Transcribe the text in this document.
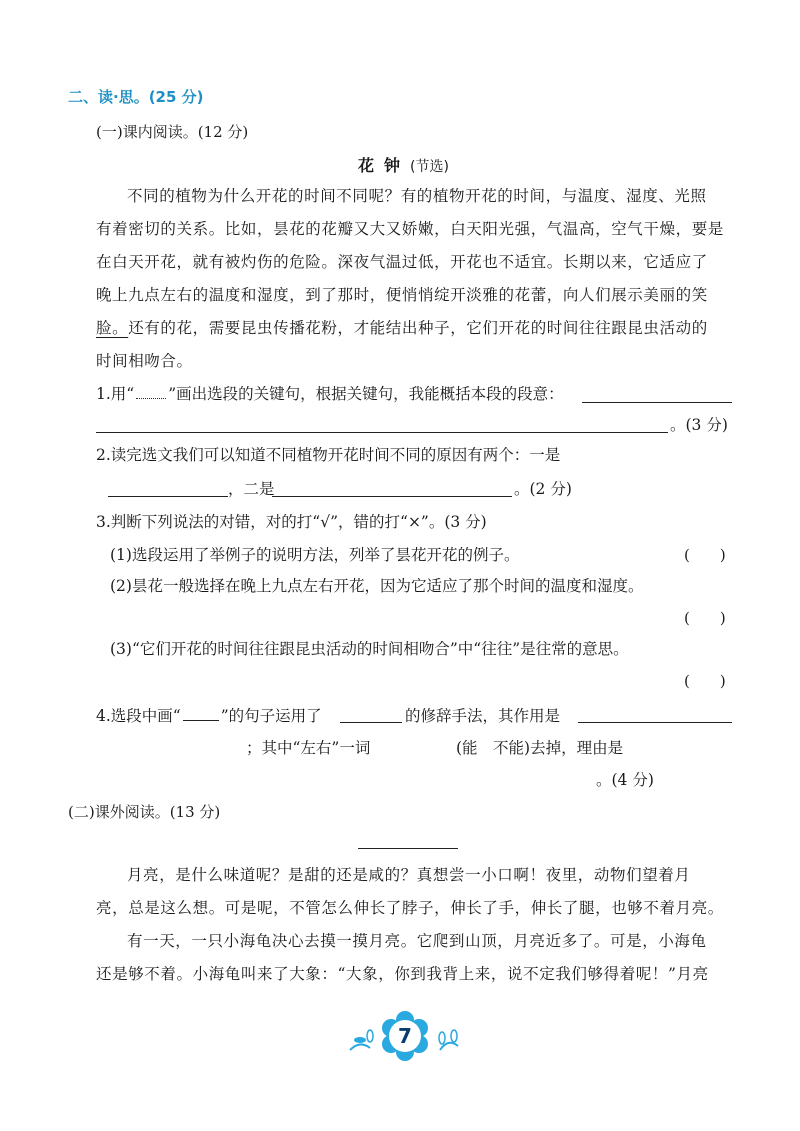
二、读·思。(25 分)
(一)课内阅读。(12 分)
花钟(节选)
不同的植物为什么开花的时间不同呢？有的植物开花的时间，与温度、湿度、光照
有着密切的关系。比如，昙花的花瓣又大又娇嫩，白天阳光强，气温高，空气干燥，要是
在白天开花，就有被灼伤的危险。深夜气温过低，开花也不适宜。长期以来，它适应了
晚上九点左右的温度和湿度，到了那时，便悄悄绽开淡雅的花蕾，向人们展示美丽的笑
脸。还有的花，需要昆虫传播花粉，才能结出种子，它们开花的时间往往跟昆虫活动的
时间相吻合。
1.用“ ”画出选段的关键句，根据关键句，我能概括本段的段意：
。(3 分)
2.读完选文我们可以知道不同植物开花时间不同的原因有两个：一是
，二是	。(2 分)
3.判断下列说法的对错，对的打“√”，错的打“×”。(3 分)
(1)选段运用了举例子的说明方法，列举了昙花开花的例子。	(　　)
(2)昙花一般选择在晚上九点左右开花，因为它适应了那个时间的温度和湿度。
(　　)
(3)“它们开花的时间往往跟昆虫活动的时间相吻合”中“往往”是往常的意思。
(　　)
4.选段中画“	”的句子运用了	的修辞手法，其作用是
；其中“左右”一词	(能　不能)去掉，理由是
。(4 分)
(二)课外阅读。(13 分)
月亮，是什么味道呢？是甜的还是咸的？真想尝一小口啊！夜里，动物们望着月
亮，总是这么想。可是呢，不管怎么伸长了脖子，伸长了手，伸长了腿，也够不着月亮。
有一天，一只小海龟决心去摸一摸月亮。它爬到山顶，月亮近多了。可是，小海龟
还是够不着。小海龟叫来了大象：“大象，你到我背上来，说不定我们够得着呢！”月亮
7
